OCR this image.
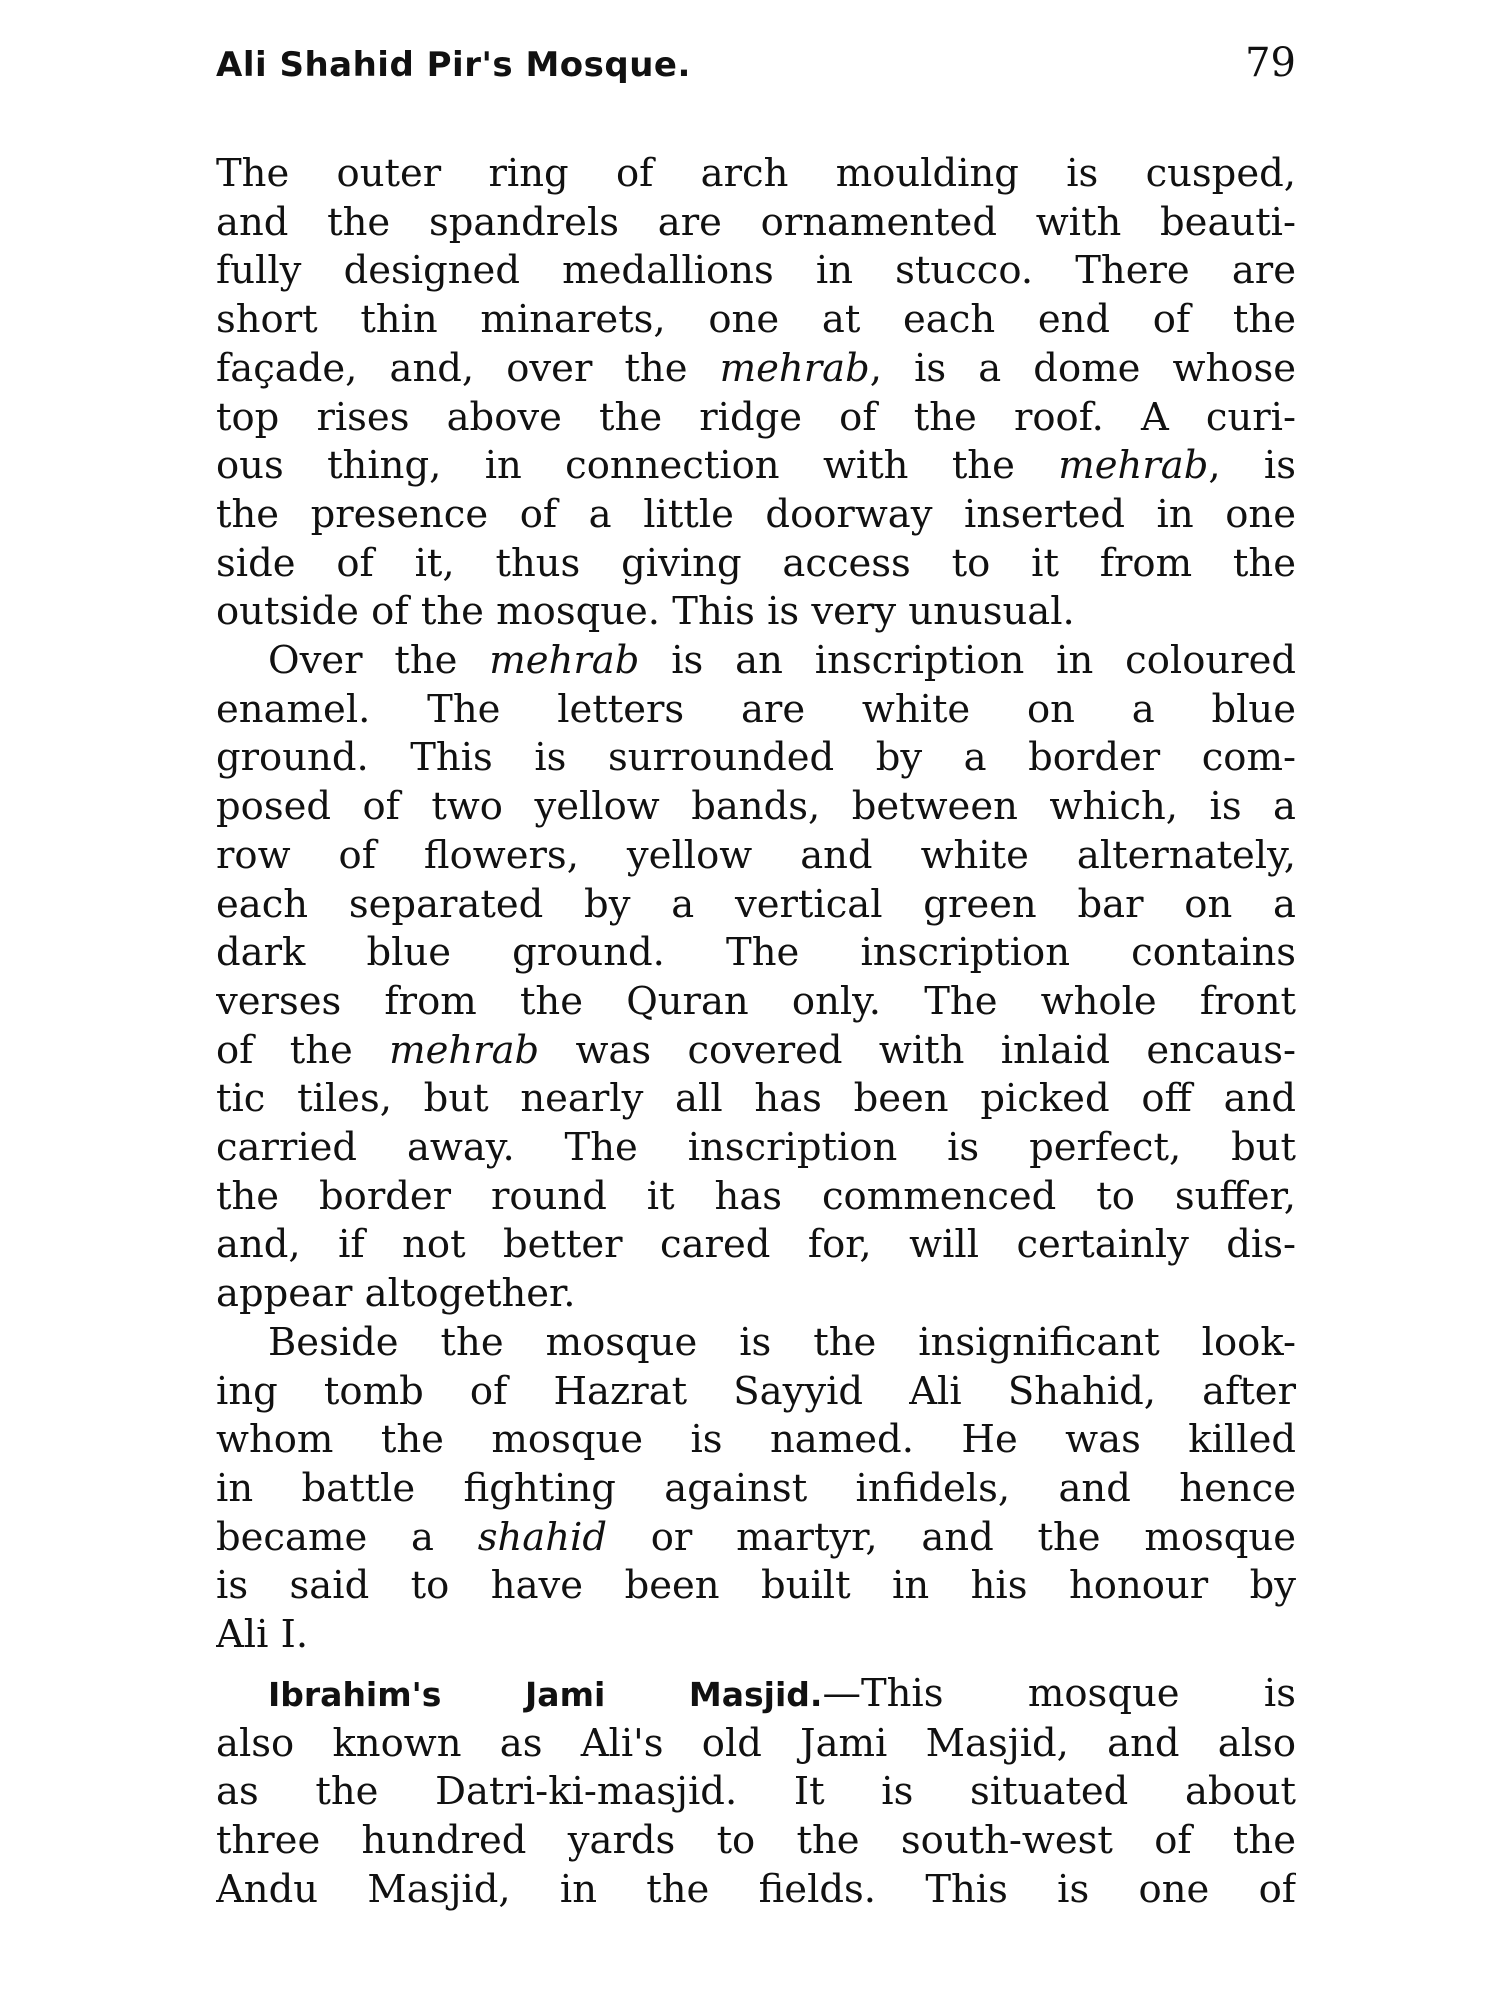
Ali Shahid Pir's Mosque.	79

The outer ring of arch moulding is cusped,

and the spandrels are ornamented with beauti-

fully designed medallions in stucco. There are

short thin minarets, one at each end of the

façade, and, over the mehrab, is a dome whose

top rises above the ridge of the roof. A curi-

ous thing, in connection with the mehrab, is

the presence of a little doorway inserted in one

side of it, thus giving access to it from the

outside of the mosque. This is very unusual.

Over the mehrab is an inscription in coloured

enamel. The letters are white on a blue

ground. This is surrounded by a border com-

posed of two yellow bands, between which, is a

row of flowers, yellow and white alternately,

each separated by a vertical green bar on a

dark blue ground. The inscription contains

verses from the Quran only. The whole front

of the mehrab was covered with inlaid encaus-

tic tiles, but nearly all has been picked off and

carried away. The inscription is perfect, but

the border round it has commenced to suffer,

and, if not better cared for, will certainly dis-

appear altogether.

Beside the mosque is the insignificant look-

ing tomb of Hazrat Sayyid Ali Shahid, after

whom the mosque is named. He was killed

in battle fighting against infidels, and hence

became a shahid or martyr, and the mosque

is said to have been built in his honour by

Ali I.

Ibrahim's Jami Masjid.—This mosque is

also known as Ali's old Jami Masjid, and also

as the Datri-ki-masjid. It is situated about

three hundred yards to the south-west of the

Andu Masjid, in the fields. This is one of
